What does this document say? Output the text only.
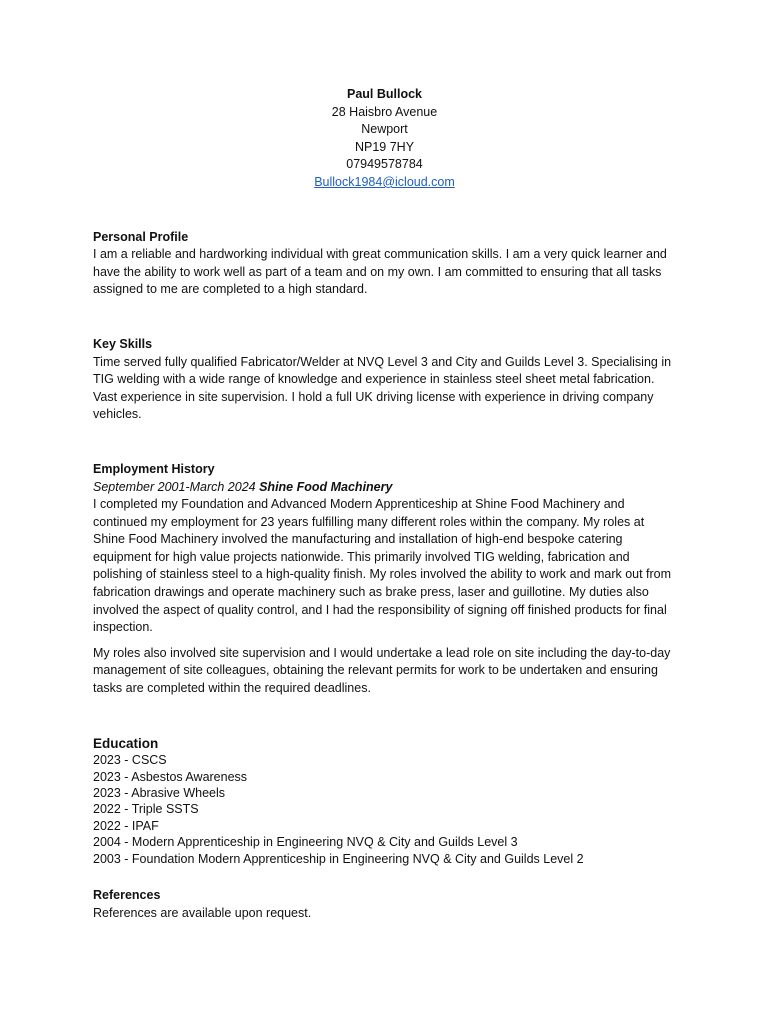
Paul Bullock
28 Haisbro Avenue
Newport
NP19 7HY
07949578784
Bullock1984@icloud.com
Personal Profile

I am a reliable and hardworking individual with great communication skills. I am a very quick learner and have the ability to work well as part of a team and on my own. I am committed to ensuring that all tasks assigned to me are completed to a high standard.

Key Skills

Time served fully qualified Fabricator/Welder at NVQ Level 3 and City and Guilds Level 3. Specialising in TIG welding with a wide range of knowledge and experience in stainless steel sheet metal fabrication. Vast experience in site supervision. I hold a full UK driving license with experience in driving company vehicles.

Employment History
September 2001-March 2024 Shine Food Machinery

I completed my Foundation and Advanced Modern Apprenticeship at Shine Food Machinery and continued my employment for 23 years fulfilling many different roles within the company. My roles at Shine Food Machinery involved the manufacturing and installation of high-end bespoke catering equipment for high value projects nationwide. This primarily involved TIG welding, fabrication and polishing of stainless steel to a high-quality finish. My roles involved the ability to work and mark out from fabrication drawings and operate machinery such as brake press, laser and guillotine. My duties also involved the aspect of quality control, and I had the responsibility of signing off finished products for final inspection.

My roles also involved site supervision and I would undertake a lead role on site including the day-to-day management of site colleagues, obtaining the relevant permits for work to be undertaken and ensuring tasks are completed within the required deadlines.

Education
2023 - CSCS
2023 - Asbestos Awareness
2023 - Abrasive Wheels
2022 - Triple SSTS
2022 - IPAF
2004 - Modern Apprenticeship in Engineering NVQ & City and Guilds Level 3
2003 - Foundation Modern Apprenticeship in Engineering NVQ & City and Guilds Level 2
References

References are available upon request.
